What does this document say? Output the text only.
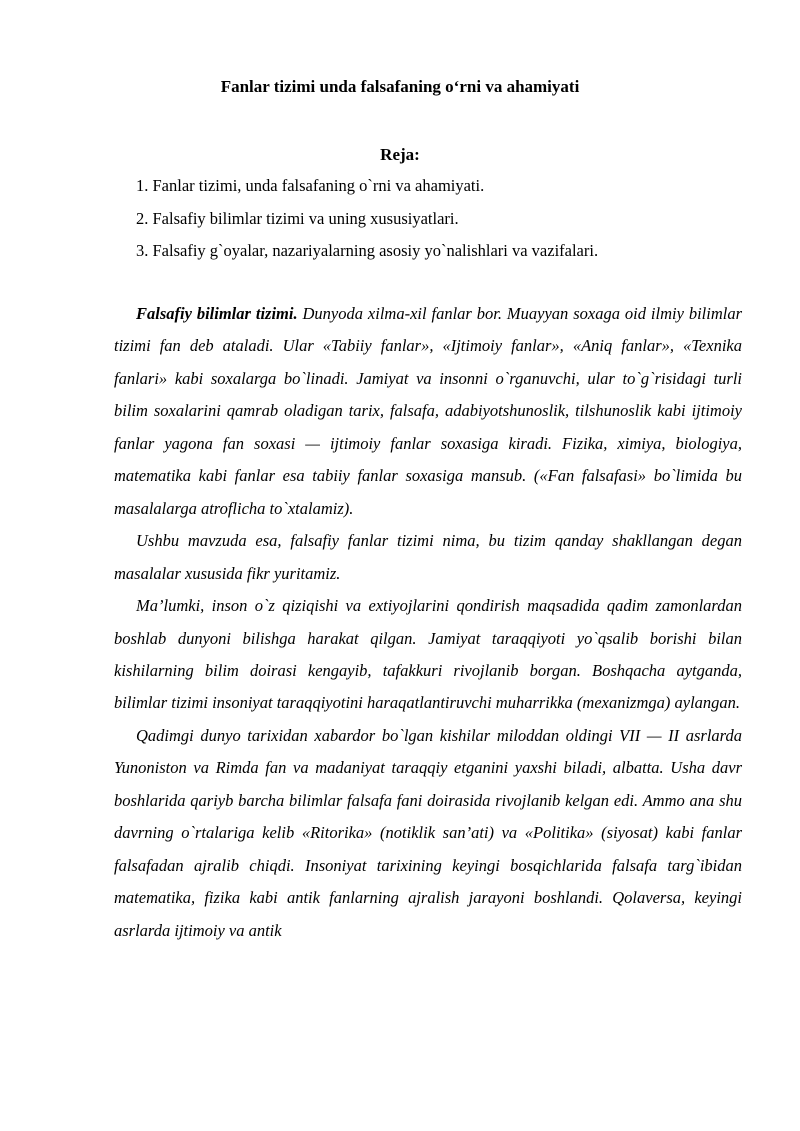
Fanlar tizimi unda falsafaning o‘rni va ahamiyati
Reja:
1. Fanlar tizimi, unda falsafaning o`rni va ahamiyati.
2. Falsafiy bilimlar tizimi va uning xususiyatlari.
3. Falsafiy g`oyalar, nazariyalarning asosiy yo`nalishlari va vazifalari.

Falsafiy bilimlar tizimi. Dunyoda xilma-xil fanlar bor. Muayyan soxaga oid ilmiy bilimlar tizimi fan deb ataladi. Ular «Tabiiy fanlar», «Ijtimoiy fanlar», «Aniq fanlar», «Texnika fanlari» kabi soxalarga bo`linadi. Jamiyat va insonni o`rganuvchi, ular to`g`risidagi turli bilim soxalarini qamrab oladigan tarix, falsafa, adabiyotshunoslik, tilshunoslik kabi ijtimoiy fanlar yagona fan soxasi — ijtimoiy fanlar soxasiga kiradi. Fizika, ximiya, biologiya, matematika kabi fanlar esa tabiiy fanlar soxasiga mansub. («Fan falsafasi» bo`limida bu masalalarga atroflicha to`xtalamiz).

Ushbu mavzuda esa, falsafiy fanlar tizimi nima, bu tizim qanday shakllangan degan masalalar xususida fikr yuritamiz.

Ma’lumki, inson o`z qiziqishi va extiyojlarini qondirish maqsadida qadim zamonlardan boshlab dunyoni bilishga harakat qilgan. Jamiyat taraqqiyoti yo`qsalib borishi bilan kishilarning bilim doirasi kengayib, tafakkuri rivojlanib borgan. Boshqacha aytganda, bilimlar tizimi insoniyat taraqqiyotini haraqatlantiruvchi muharrikka (mexanizmga) aylangan.

Qadimgi dunyo tarixidan xabardor bo`lgan kishilar miloddan oldingi VII — II asrlarda Yunoniston va Rimda fan va madaniyat taraqqiy etganini yaxshi biladi, albatta. Usha davr boshlarida qariyb barcha bilimlar falsafa fani doirasida rivojlanib kelgan edi. Ammo ana shu davrning o`rtalariga kelib «Ritorika» (notiklik san’ati) va «Politika» (siyosat) kabi fanlar falsafadan ajralib chiqdi. Insoniyat tarixining keyingi bosqichlarida falsafa targ`ibidan matematika, fizika kabi antik fanlarning ajralish jarayoni boshlandi. Qolaversa, keyingi asrlarda ijtimoiy va antik
